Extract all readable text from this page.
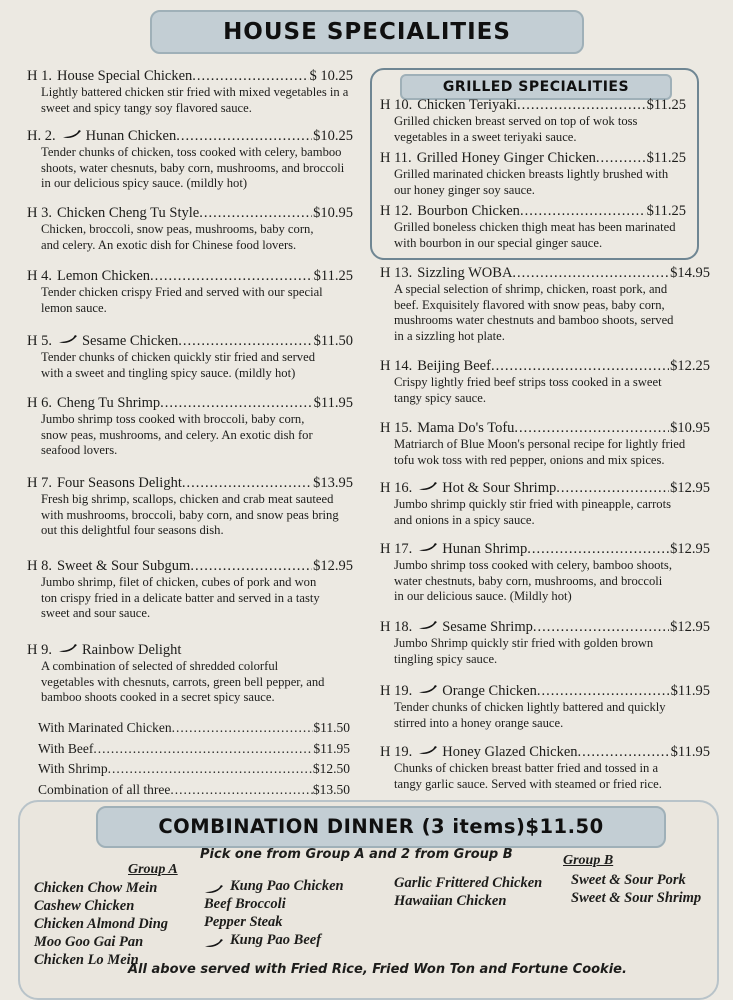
HOUSE SPECIALITIES
H 1. House Special Chicken .....	$ 10.25
Lightly battered chicken stir fried with mixed vegetables in a
sweet and spicy tangy soy flavored sauce.
H. 2. Hunan Chicken .....	$10.25
Tender chunks of chicken, toss cooked with celery, bamboo
shoots, water chesnuts, baby corn, mushrooms, and broccoli
in our delicious spicy sauce. (mildly hot)
H 3. Chicken Cheng Tu Style .....	$10.95
Chicken, broccoli, snow peas, mushrooms, baby corn,
and celery. An exotic dish for Chinese food lovers.
H 4. Lemon Chicken .....	$11.25
Tender chicken crispy Fried and served with our special
lemon sauce.
H 5. Sesame Chicken .....	$11.50
Tender chunks of chicken quickly stir fried and served
with a sweet and tingling spicy sauce. (mildly hot)
H 6. Cheng Tu Shrimp .....	$11.95
Jumbo shrimp toss cooked with broccoli, baby corn,
snow peas, mushrooms, and celery. An exotic dish for
seafood lovers.
H 7. Four Seasons Delight .....	$13.95
Fresh big shrimp, scallops, chicken and crab meat sauteed
with mushrooms, broccoli, baby corn, and snow peas bring
out this delightful four seasons dish.
H 8. Sweet & Sour Subgum .....	$12.95
Jumbo shrimp, filet of chicken, cubes of pork and won
ton crispy fried in a delicate batter and served in a tasty
sweet and sour sauce.
H 9. Rainbow Delight
A combination of selected of shredded colorful
vegetables with chesnuts, carrots, green bell pepper, and
bamboo shoots cooked in a secret spicy sauce.
With Marinated Chicken .....	$11.50
With Beef .....	$11.95
With Shrimp .....	$12.50
Combination of all three .....	$13.50
GRILLED SPECIALITIES
H 10. Chicken Teriyaki .....	$11.25
Grilled chicken breast served on top of wok toss
vegetables in a sweet teriyaki sauce.
H 11. Grilled Honey Ginger Chicken .....	$11.25
Grilled marinated chicken breasts lightly brushed with
our honey ginger soy sauce.
H 12. Bourbon Chicken .....	$11.25
Grilled boneless chicken thigh meat has been marinated
with bourbon in our special ginger sauce.
H 13. Sizzling WOBA .....	$14.95
A special selection of shrimp, chicken, roast pork, and
beef. Exquisitely flavored with snow peas, baby corn,
mushrooms water chestnuts and bamboo shoots, served
in a sizzling hot plate.
H 14. Beijing Beef .....	$12.25
Crispy lightly fried beef strips toss cooked in a sweet
tangy spicy sauce.
H 15. Mama Do's Tofu .....	$10.95
Matriarch of Blue Moon's personal recipe for lightly fried
tofu wok toss with red pepper, onions and mix spices.
H 16. Hot & Sour Shrimp .....	$12.95
Jumbo shrimp quickly stir fried with pineapple, carrots
and onions in a spicy sauce.
H 17. Hunan Shrimp .....	$12.95
Jumbo shrimp toss cooked with celery, bamboo shoots,
water chestnuts, baby corn, mushrooms, and broccoli
in our delicious sauce. (Mildly hot)
H 18. Sesame Shrimp .....	$12.95
Jumbo Shrimp quickly stir fried with golden brown
tingling spicy sauce.
H 19. Orange Chicken .....	$11.95
Tender chunks of chicken lightly battered and quickly
stirred into a honey orange sauce.
H 19. Honey Glazed Chicken .....	$11.95
Chunks of chicken breast batter fried and tossed in a
tangy garlic sauce. Served with steamed or fried rice.
COMBINATION DINNER (3 items)$11.50
Pick one from Group A and 2 from Group B
Group A
Group B
Chicken Chow Mein
Cashew Chicken
Chicken Almond Ding
Moo Goo Gai Pan
Chicken Lo Mein
Kung Pao Chicken
Beef Broccoli
Pepper Steak
Kung Pao Beef
Garlic Frittered Chicken
Hawaiian Chicken
Sweet & Sour Pork
Sweet & Sour Shrimp
All above served with Fried Rice, Fried Won Ton and Fortune Cookie.
